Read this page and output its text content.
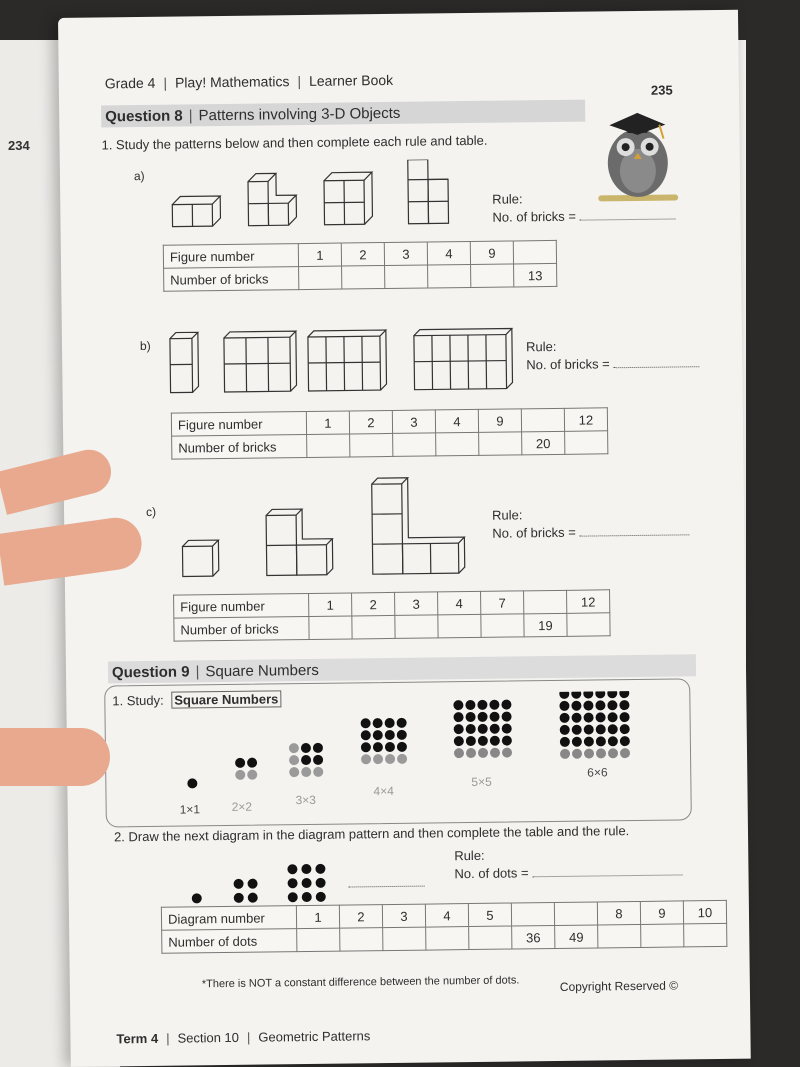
234
Grade 4 | Play! Mathematics | Learner Book
235
Question 8 | Patterns involving 3-D Objects
1. Study the patterns below and then complete each rule and table.
a)
Rule:
No. of bricks =
Figure number	1	2	3	4	9	
Number of bricks						13
b)	Rule:
No. of bricks =
Figure number	1	2	3	4	9		12
Number of bricks						20	
c)	Rule:
No. of bricks =
Figure number	1	2	3	4	7		12
Number of bricks						19	
Question 9 | Square Numbers
1. Study: Square Numbers
1×1	2×2	3×3
4×4
5×5
6×6
2. Draw the next diagram in the diagram pattern and then complete the table and the rule.
Rule:
No. of dots =
Diagram number	1	2	3	4	5			8	9	10
Number of dots						36	49			
*There is NOT a constant difference between the number of dots.	Copyright Reserved ©
Term 4 | Section 10 | Geometric Patterns
